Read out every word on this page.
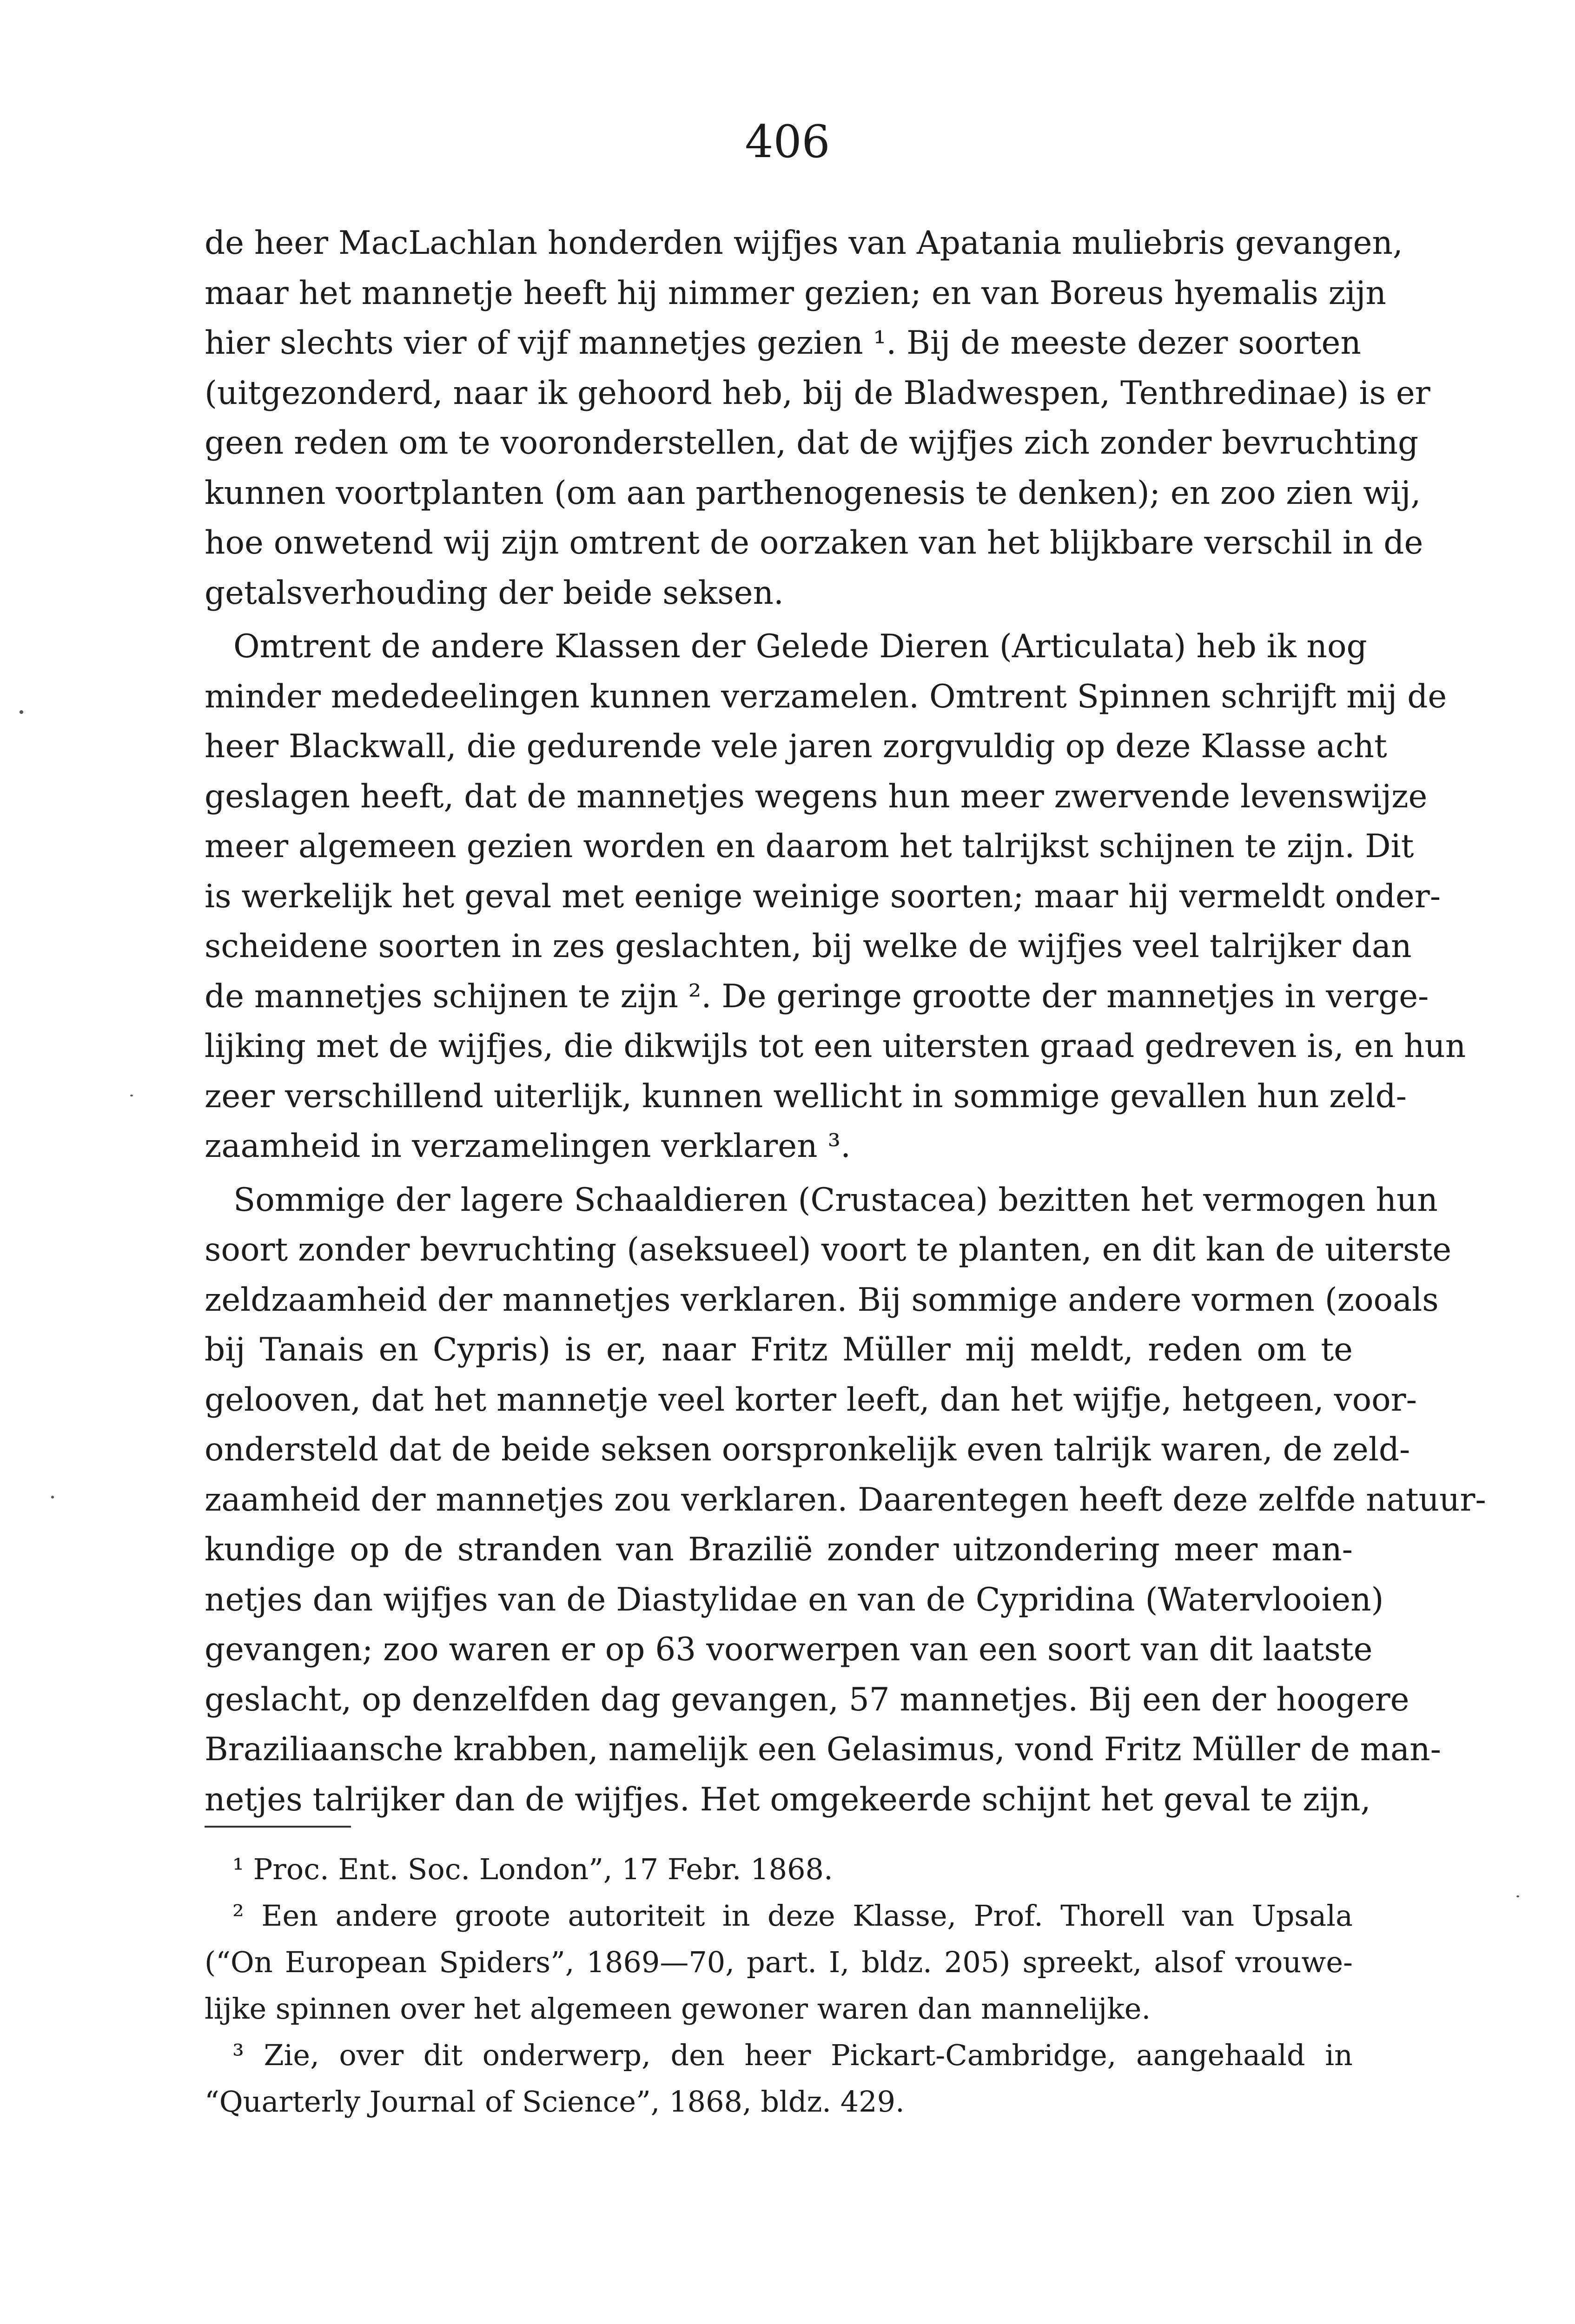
406
de heer MacLachlan honderden wijfjes van Apatania muliebris gevangen,
maar het mannetje heeft hij nimmer gezien; en van Boreus hyemalis zijn
hier slechts vier of vijf mannetjes gezien ¹. Bij de meeste dezer soorten
(uitgezonderd, naar ik gehoord heb, bij de Bladwespen, Tenthredinae) is er
geen reden om te vooronderstellen, dat de wijfjes zich zonder bevruchting
kunnen voortplanten (om aan parthenogenesis te denken); en zoo zien wij,
hoe onwetend wij zijn omtrent de oorzaken van het blijkbare verschil in de
getalsverhouding der beide seksen.
Omtrent de andere Klassen der Gelede Dieren (Articulata) heb ik nog
minder mededeelingen kunnen verzamelen. Omtrent Spinnen schrijft mij de
heer Blackwall, die gedurende vele jaren zorgvuldig op deze Klasse acht
geslagen heeft, dat de mannetjes wegens hun meer zwervende levenswijze
meer algemeen gezien worden en daarom het talrijkst schijnen te zijn. Dit
is werkelijk het geval met eenige weinige soorten; maar hij vermeldt onder-
scheidene soorten in zes geslachten, bij welke de wijfjes veel talrijker dan
de mannetjes schijnen te zijn ². De geringe grootte der mannetjes in verge-
lijking met de wijfjes, die dikwijls tot een uitersten graad gedreven is, en hun
zeer verschillend uiterlijk, kunnen wellicht in sommige gevallen hun zeld-
zaamheid in verzamelingen verklaren ³.
Sommige der lagere Schaaldieren (Crustacea) bezitten het vermogen hun
soort zonder bevruchting (aseksueel) voort te planten, en dit kan de uiterste
zeldzaamheid der mannetjes verklaren. Bij sommige andere vormen (zooals
bij Tanais en Cypris) is er, naar Fritz Müller mij meldt, reden om te
gelooven, dat het mannetje veel korter leeft, dan het wijfje, hetgeen, voor-
ondersteld dat de beide seksen oorspronkelijk even talrijk waren, de zeld-
zaamheid der mannetjes zou verklaren. Daarentegen heeft deze zelfde natuur-
kundige op de stranden van Brazilië zonder uitzondering meer man-
netjes dan wijfjes van de Diastylidae en van de Cypridina (Watervlooien)
gevangen; zoo waren er op 63 voorwerpen van een soort van dit laatste
geslacht, op denzelfden dag gevangen, 57 mannetjes. Bij een der hoogere
Braziliaansche krabben, namelijk een Gelasimus, vond Fritz Müller de man-
netjes talrijker dan de wijfjes. Het omgekeerde schijnt het geval te zijn,
¹ Proc. Ent. Soc. London”, 17 Febr. 1868.
² Een andere groote autoriteit in deze Klasse, Prof. Thorell van Upsala
(“On European Spiders”, 1869—70, part. I, bldz. 205) spreekt, alsof vrouwe-
lijke spinnen over het algemeen gewoner waren dan mannelijke.
³ Zie, over dit onderwerp, den heer Pickart-Cambridge, aangehaald in
“Quarterly Journal of Science”, 1868, bldz. 429.
